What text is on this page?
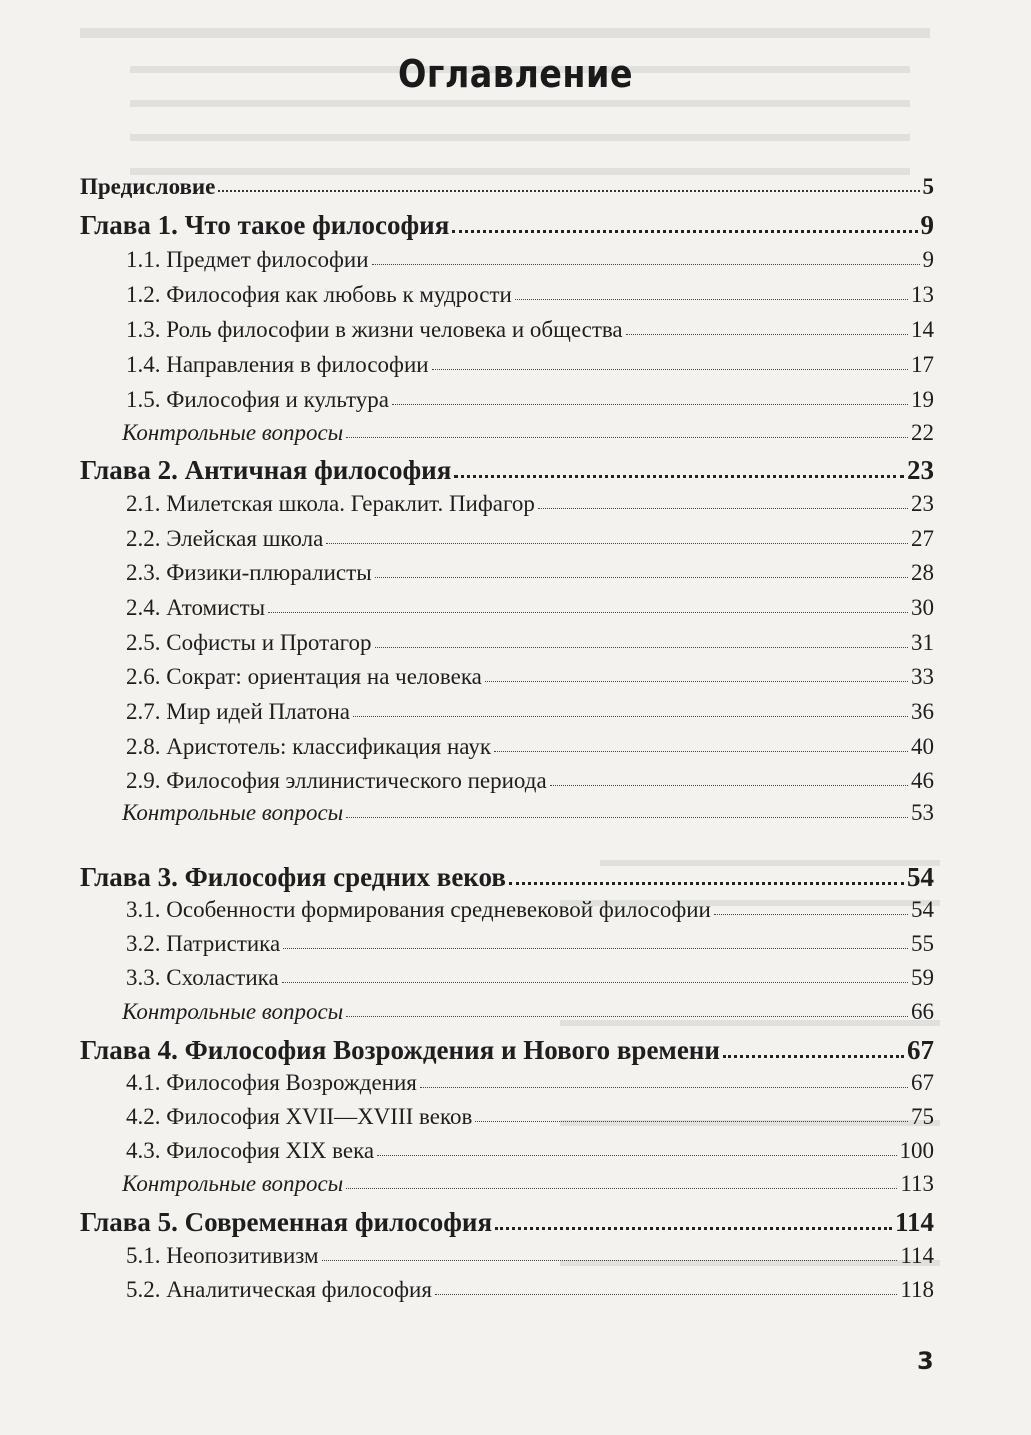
Оглавление
Предисловие	5
Глава 1. Что такое философия	9
1.1. Предмет философии	9
1.2. Философия как любовь к мудрости	13
1.3. Роль философии в жизни человека и общества	14
1.4. Направления в философии	17
1.5. Философия и культура	19
Контрольные вопросы	22
Глава 2. Античная философия	23
2.1. Милетская школа. Гераклит. Пифагор	23
2.2. Элейская школа	27
2.3. Физики-плюралисты	28
2.4. Атомисты	30
2.5. Софисты и Протагор	31
2.6. Сократ: ориентация на человека	33
2.7. Мир идей Платона	36
2.8. Аристотель: классификация наук	40
2.9. Философия эллинистического периода	46
Контрольные вопросы	53
Глава 3. Философия средних веков	54
3.1. Особенности формирования средневековой философии	54
3.2. Патристика	55
3.3. Схоластика	59
Контрольные вопросы	66
Глава 4. Философия Возрождения и Нового времени	67
4.1. Философия Возрождения	67
4.2. Философия XVII—XVIII веков	75
4.3. Философия XIX века	100
Контрольные вопросы	113
Глава 5. Современная философия	114
5.1. Неопозитивизм	114
5.2. Аналитическая философия	118
3
